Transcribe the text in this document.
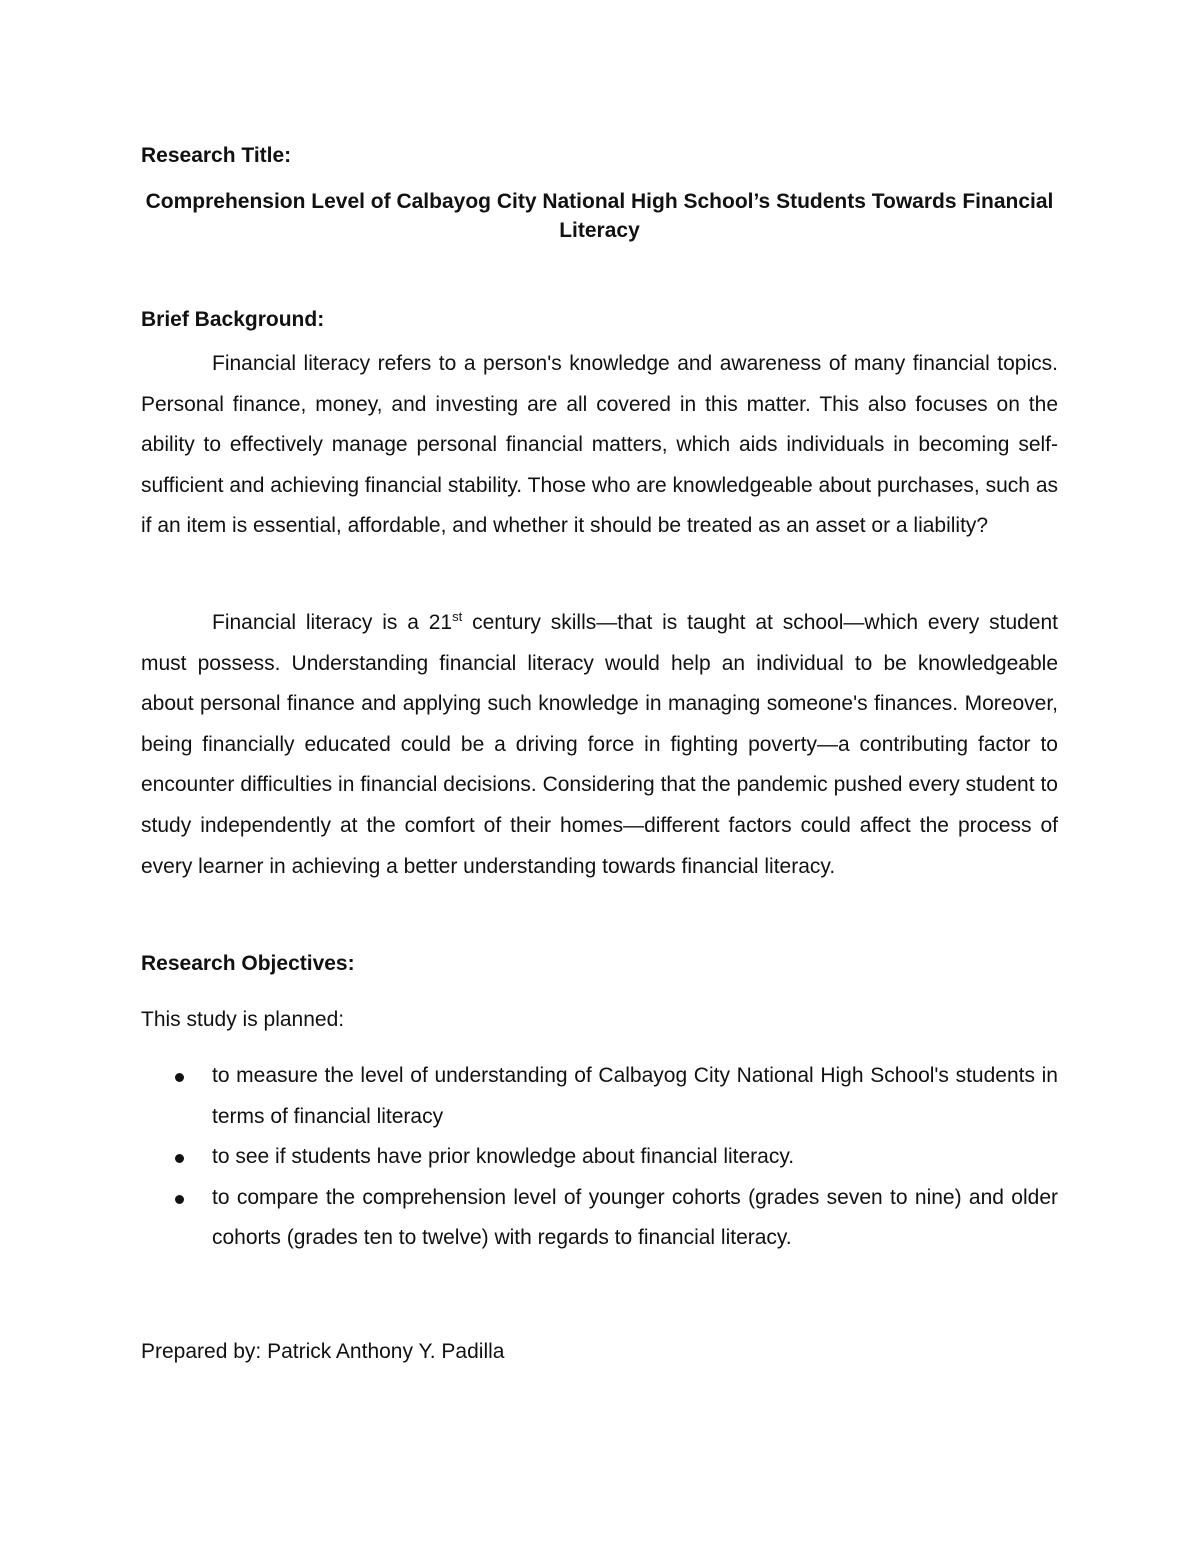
Research Title:

Comprehension Level of Calbayog City National High School’s Students Towards Financial Literacy

Brief Background:

Financial literacy refers to a person's knowledge and awareness of many financial topics. Personal finance, money, and investing are all covered in this matter. This also focuses on the ability to effectively manage personal financial matters, which aids individuals in becoming self-sufficient and achieving financial stability. Those who are knowledgeable about purchases, such as if an item is essential, affordable, and whether it should be treated as an asset or a liability?

Financial literacy is a 21st century skills—that is taught at school—which every student must possess. Understanding financial literacy would help an individual to be knowledgeable about personal finance and applying such knowledge in managing someone's finances. Moreover, being financially educated could be a driving force in fighting poverty—a contributing factor to encounter difficulties in financial decisions. Considering that the pandemic pushed every student to study independently at the comfort of their homes—different factors could affect the process of every learner in achieving a better understanding towards financial literacy.

Research Objectives:

This study is planned:

to measure the level of understanding of Calbayog City National High School's students in terms of financial literacy
to see if students have prior knowledge about financial literacy.
to compare the comprehension level of younger cohorts (grades seven to nine) and older cohorts (grades ten to twelve) with regards to financial literacy.

Prepared by: Patrick Anthony Y. Padilla
